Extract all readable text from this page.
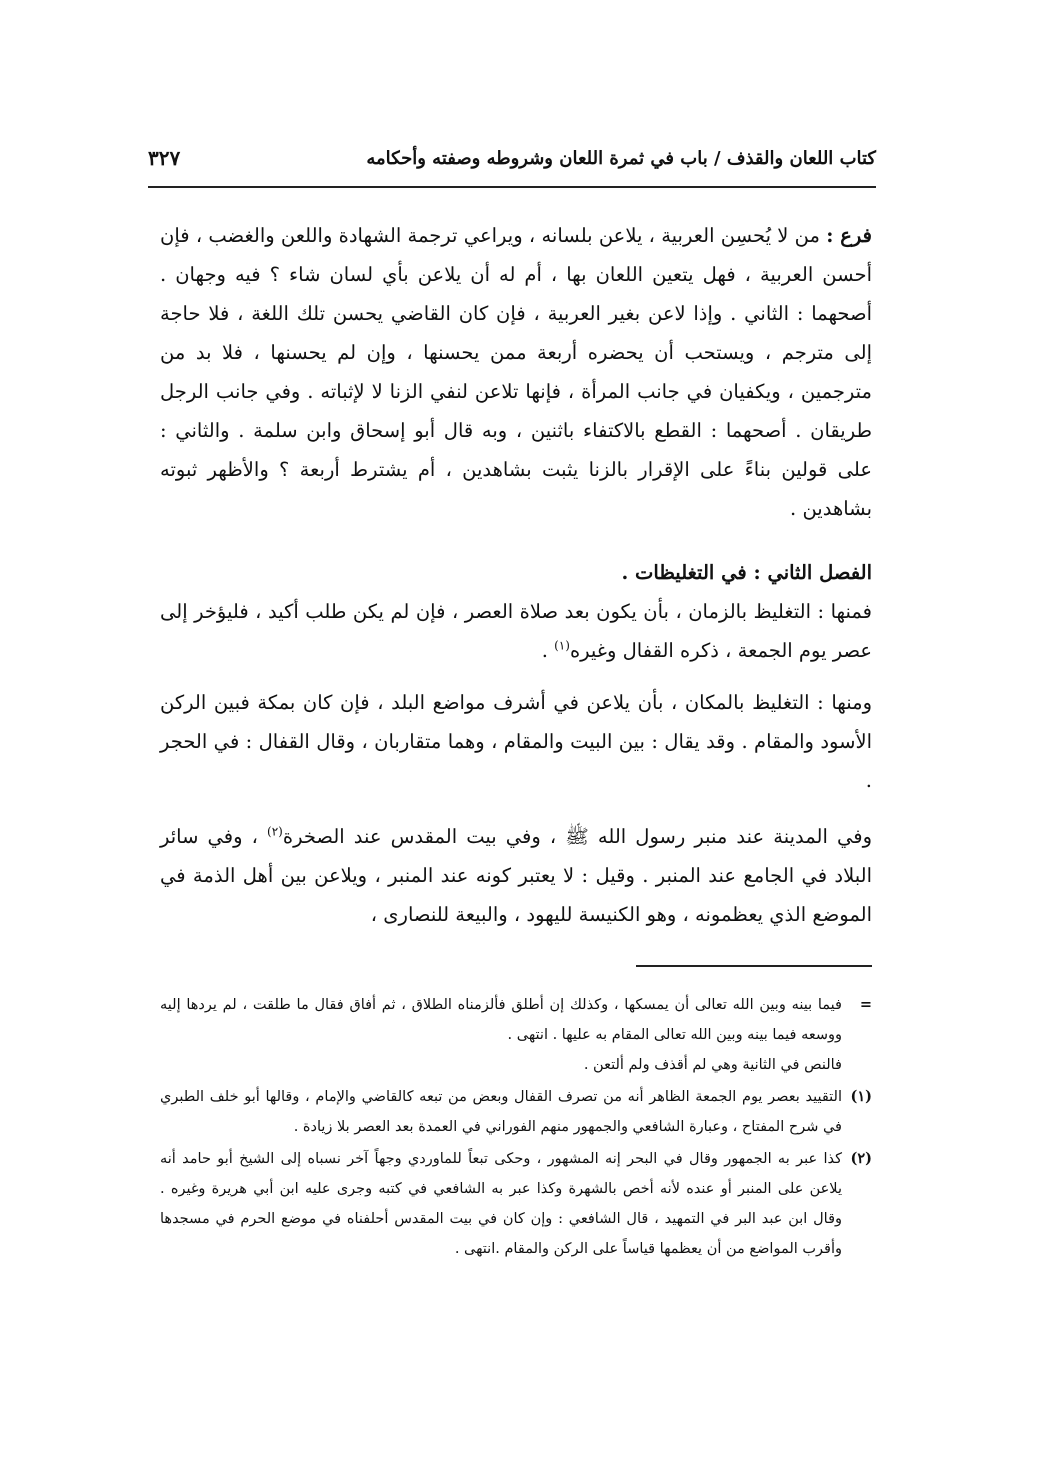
كتاب اللعان والقذف / باب في ثمرة اللعان وشروطه وصفته وأحكامه
٣٢٧

فرع : من لا يُحسِن العربية ، يلاعن بلسانه ، ويراعي ترجمة الشهادة واللعن والغضب ، فإن أحسن العربية ، فهل يتعين اللعان بها ، أم له أن يلاعن بأي لسان شاء ؟ فيه وجهان . أصحهما : الثاني . وإذا لاعن بغير العربية ، فإن كان القاضي يحسن تلك اللغة ، فلا حاجة إلى مترجم ، ويستحب أن يحضره أربعة ممن يحسنها ، وإن لم يحسنها ، فلا بد من مترجمين ، ويكفيان في جانب المرأة ، فإنها تلاعن لنفي الزنا لا لإثباته . وفي جانب الرجل طريقان . أصحهما : القطع بالاكتفاء باثنين ، وبه قال أبو إسحاق وابن سلمة . والثاني : على قولين بناءً على الإقرار بالزنا يثبت بشاهدين ، أم يشترط أربعة ؟ والأظهر ثبوته بشاهدين .

الفصل الثاني : في التغليظات .

فمنها : التغليظ بالزمان ، بأن يكون بعد صلاة العصر ، فإن لم يكن طلب أكيد ، فليؤخر إلى عصر يوم الجمعة ، ذكره القفال وغيره$^{(١)}$ .

ومنها : التغليظ بالمكان ، بأن يلاعن في أشرف مواضع البلد ، فإن كان بمكة فبين الركن الأسود والمقام . وقد يقال : بين البيت والمقام ، وهما متقاربان ، وقال القفال : في الحجر .

وفي المدينة عند منبر رسول الله ﷺ ، وفي بيت المقدس عند الصخرة$^{(٢)}$ ، وفي سائر البلاد في الجامع عند المنبر . وقيل : لا يعتبر كونه عند المنبر ، ويلاعن بين أهل الذمة في الموضع الذي يعظمونه ، وهو الكنيسة لليهود ، والبيعة للنصارى ،

=

فيما بينه وبين الله تعالى أن يمسكها ، وكذلك إن أطلق فألزمناه الطلاق ، ثم أفاق فقال ما طلقت ، لم يردها إليه ووسعه فيما بينه وبين الله تعالى المقام به عليها . انتهى .

فالنص في الثانية وهي لم أقذف ولم ألتعن .

(١)

التقييد بعصر يوم الجمعة الظاهر أنه من تصرف القفال وبعض من تبعه كالقاضي والإمام ، وقالها أبو خلف الطبري في شرح المفتاح ، وعبارة الشافعي والجمهور منهم الفوراني في العمدة بعد العصر بلا زيادة .

(٢)

كذا عبر به الجمهور وقال في البحر إنه المشهور ، وحكى تبعاً للماوردي وجهاً آخر نسباه إلى الشيخ أبو حامد أنه يلاعن على المنبر أو عنده لأنه أخص بالشهرة وكذا عبر به الشافعي في كتبه وجرى عليه ابن أبي هريرة وغيره . وقال ابن عبد البر في التمهيد ، قال الشافعي : وإن كان في بيت المقدس أحلفناه في موضع الحرم في مسجدها وأقرب المواضع من أن يعظمها قياساً على الركن والمقام .انتهى .
